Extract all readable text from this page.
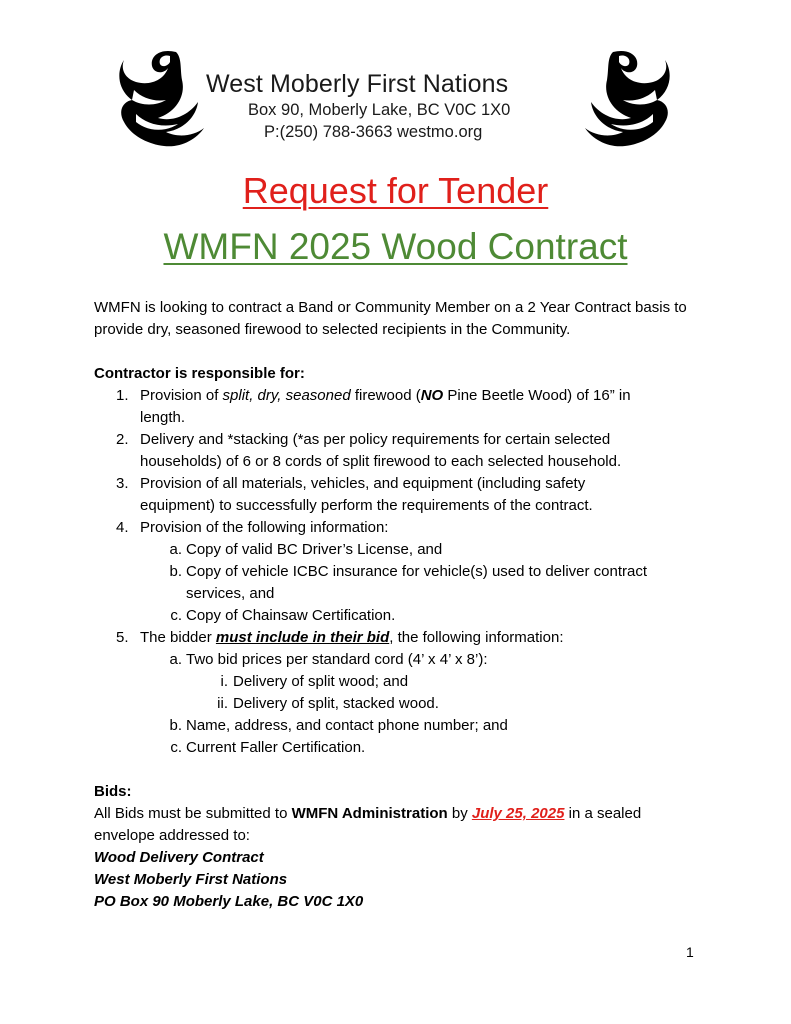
West Moberly First Nations
Box 90, Moberly Lake, BC V0C 1X0
P:(250) 788-3663 westmo.org
Request for Tender
WMFN 2025 Wood Contract

WMFN is looking to contract a Band or Community Member on a 2 Year Contract basis to provide dry, seasoned firewood to selected recipients in the Community.

Contractor is responsible for:

1. Provision of split, dry, seasoned firewood (NO Pine Beetle Wood) of 16” in
length.
2. Delivery and *stacking (*as per policy requirements for certain selected
households) of 6 or 8 cords of split firewood to each selected household.
3. Provision of all materials, vehicles, and equipment (including safety
equipment) to successfully perform the requirements of the contract.
4. Provision of the following information:
a. Copy of valid BC Driver’s License, and
b. Copy of vehicle ICBC insurance for vehicle(s) used to deliver contract
services, and
c. Copy of Chainsaw Certification.
5. The bidder must include in their bid, the following information:
a. Two bid prices per standard cord (4’ x 4’ x 8’):
i. Delivery of split wood; and
ii. Delivery of split, stacked wood.
b. Name, address, and contact phone number; and
c. Current Faller Certification.

Bids:

All Bids must be submitted to WMFN Administration by July 25, 2025 in a sealed

envelope addressed to:

Wood Delivery Contract

West Moberly First Nations

PO Box 90 Moberly Lake, BC V0C 1X0

1
